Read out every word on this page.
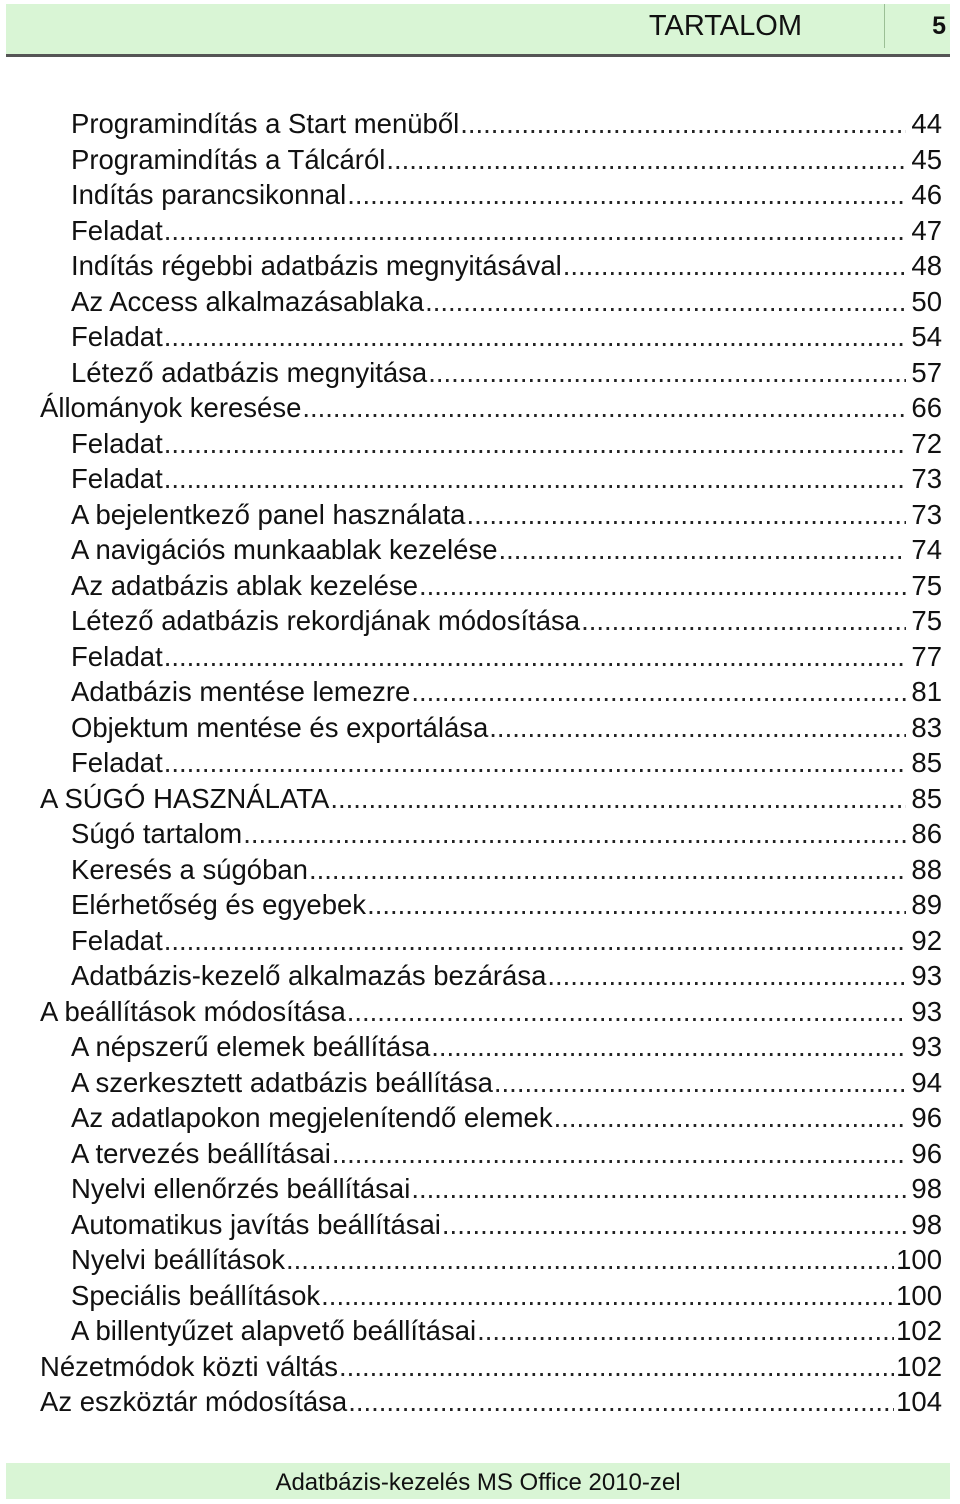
TARTALOM	5
Programindítás a Start menüből .....	44
Programindítás a Tálcáról .....	45
Indítás parancsikonnal .....	46
Feladat .....	47
Indítás régebbi adatbázis megnyitásával .....	48
Az Access alkalmazásablaka .....	50
Feladat .....	54
Létező adatbázis megnyitása .....	57
Állományok keresése .....	66
Feladat .....	72
Feladat .....	73
A bejelentkező panel használata .....	73
A navigációs munkaablak kezelése .....	74
Az adatbázis ablak kezelése .....	75
Létező adatbázis rekordjának módosítása .....	75
Feladat .....	77
Adatbázis mentése lemezre .....	81
Objektum mentése és exportálása .....	83
Feladat .....	85
A SÚGÓ HASZNÁLATA .....	85
Súgó tartalom .....	86
Keresés a súgóban .....	88
Elérhetőség és egyebek .....	89
Feladat .....	92
Adatbázis-kezelő alkalmazás bezárása .....	93
A beállítások módosítása .....	93
A népszerű elemek beállítása .....	93
A szerkesztett adatbázis beállítása .....	94
Az adatlapokon megjelenítendő elemek .....	96
A tervezés beállításai .....	96
Nyelvi ellenőrzés beállításai .....	98
Automatikus javítás beállításai .....	98
Nyelvi beállítások .....	100
Speciális beállítások .....	100
A billentyűzet alapvető beállításai .....	102
Nézetmódok közti váltás .....	102
Az eszköztár módosítása .....	104
Adatbázis-kezelés MS Office 2010-zel
